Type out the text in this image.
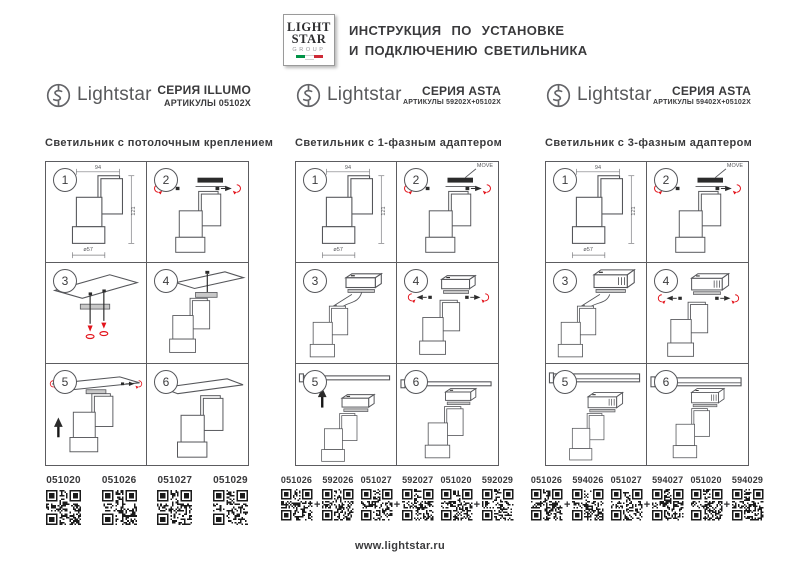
LIGHT
STAR
GROUP
ИНСТРУКЦИЯ ПО УСТАНОВКЕ
И ПОДКЛЮЧЕНИЮ СВЕТИЛЬНИКА
Lightstar СЕРИЯ ILLUMO
АРТИКУЛЫ 05102X
Светильник с потолочным креплением
1	2
3	4
5	6
051020 051026 051027 051029
Lightstar	СЕРИЯ ASTA
АРТИКУЛЫ 59202X+05102X
Светильник с 1-фазным адаптером
1	2
3	4
5	6
051026
+
592026 051027
+
592027 051020
+
592029
Lightstar	СЕРИЯ ASTA
АРТИКУЛЫ 59402X+05102X
Светильник с 3-фазным адаптером
1	2
3	4
5	6
051026
+
594026 051027
+
594027 051020
+
594029
www.lightstar.ru
